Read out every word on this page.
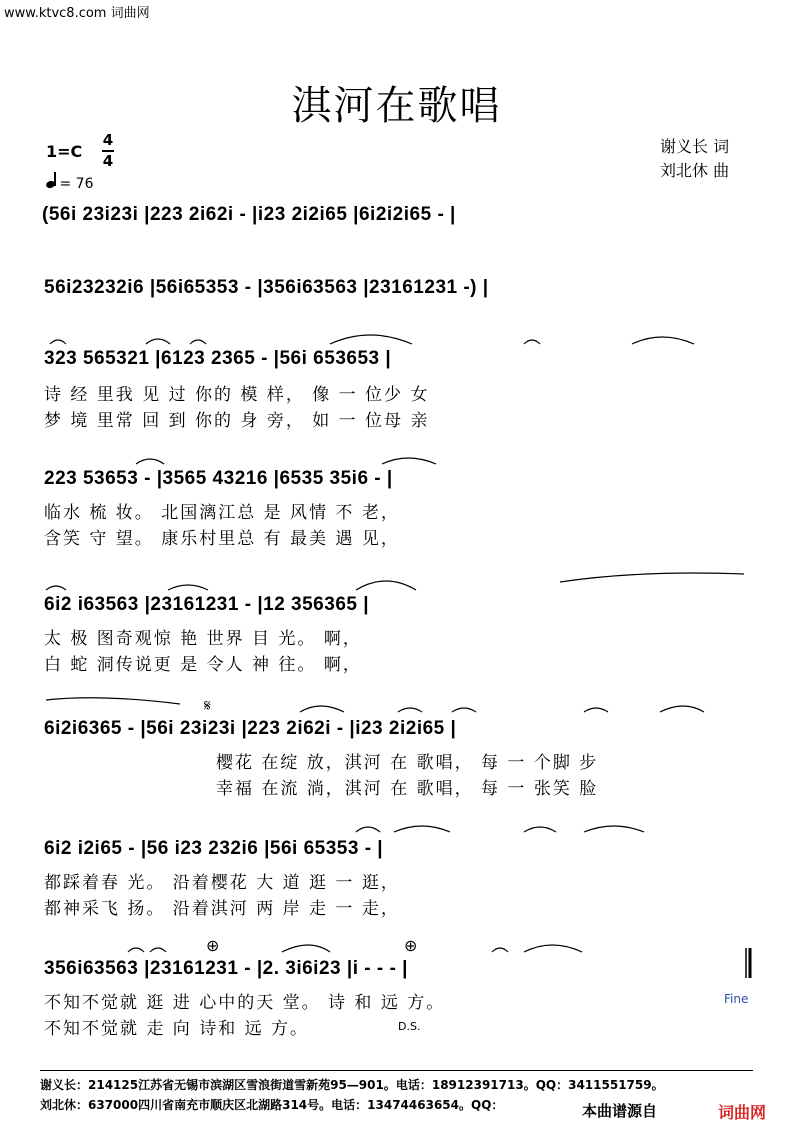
www.ktvc8.com 词曲网
淇河在歌唱
谢义长 词
刘北休 曲
1=C
4
4
= 76
(56i 23i23i |223 2i62i - |i23 2i2i65 |6i2i2i65 - |
56i23232i6 |56i65353 - |356i63563 |23161231 -) |
323 565321 |6123 2365 - |56i 653653 |
诗 经 里我 见 过 你的 模 样， 像 一 位少 女
梦 境 里常 回 到 你的 身 旁， 如 一 位母 亲
223 53653 - |3565 43216 |6535 35i6 - |
临水 梳 妆。 北国漓江总 是 风情 不 老，
含笑 守 望。 康乐村里总 有 最美 遇 见，
6i2 i63563 |23161231 - |12 356365 |
太 极 图奇观惊 艳 世界 目 光。 啊，
白 蛇 洞传说更 是 令人 神 往。 啊，
6i2i6365 - |56i 23i23i |223 2i62i - |i23 2i2i65 |
樱花 在绽 放，淇河 在 歌唱， 每 一 个脚 步
幸福 在流 淌，淇河 在 歌唱， 每 一 张笑 脸
6i2 i2i65 - |56 i23 232i6 |56i 65353 - |
都踩着春 光。 沿着樱花 大 道 逛 一 逛，
都神采飞 扬。 沿着淇河 两 岸 走 一 走，
356i63563 |23161231 - |2. 3i6i23 |i - - - |
不知不觉就 逛 进 心中的天 堂。 诗 和 远 方。
不知不觉就 走 向 诗和 远 方。
Fine
D.S.
𝄋
⊕	⊕
谢义长：214125江苏省无锡市滨湖区雪浪街道雪新苑95—901。电话：18912391713。QQ：3411551759。
刘北休：637000四川省南充市顺庆区北湖路314号。电话：13474463654。QQ：	本曲谱源自	词曲网
